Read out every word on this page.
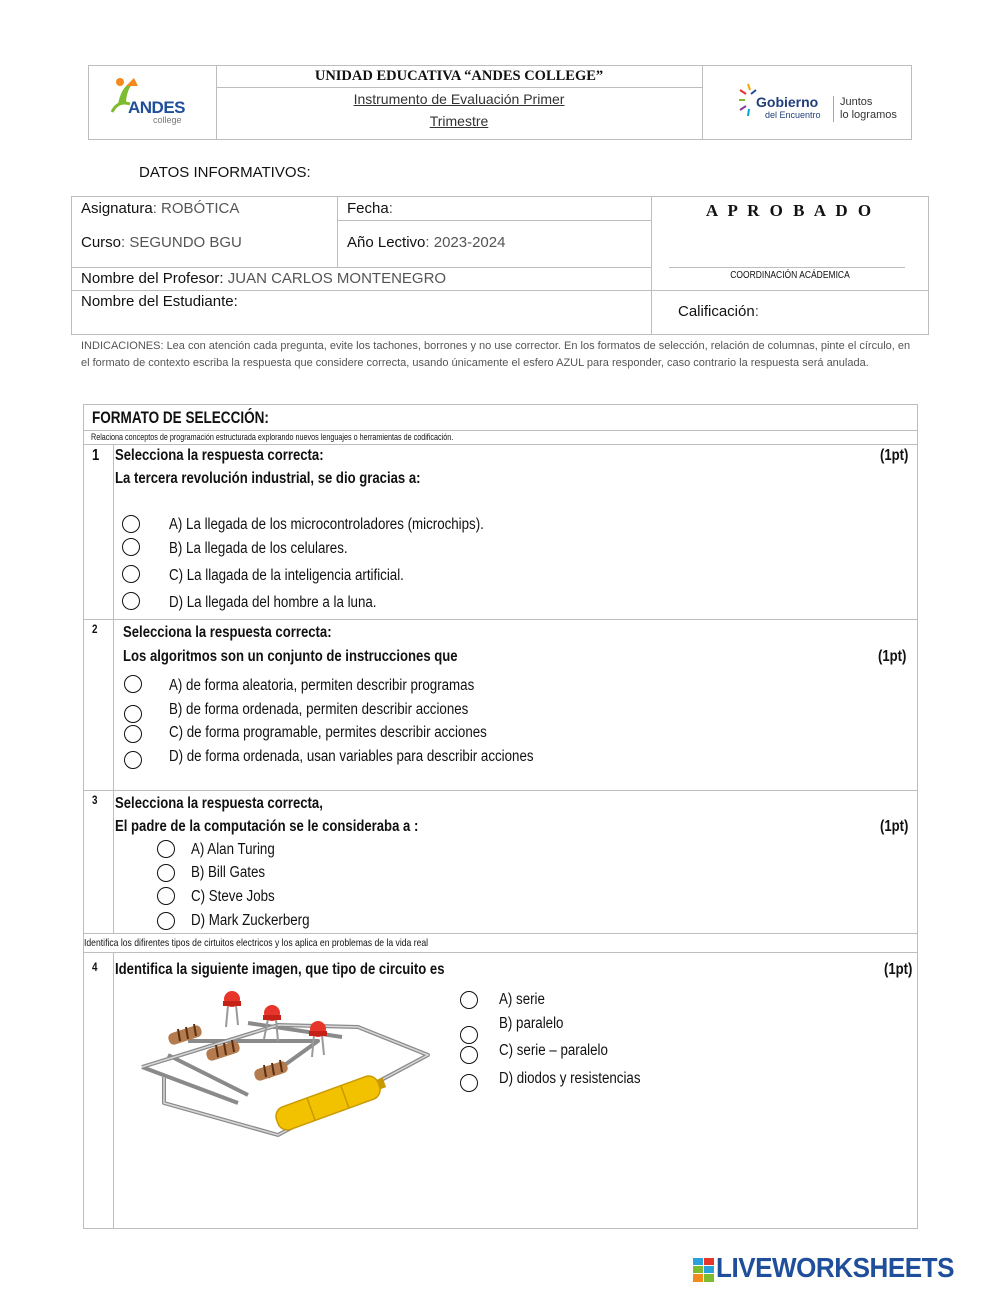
ANDES
college
UNIDAD EDUCATIVA “ANDES COLLEGE”
Instrumento de Evaluación Primer
Trimestre
Gobierno
del Encuentro
Juntos
lo logramos
DATOS INFORMATIVOS:
Asignatura: ROBÓTICA	Fecha:
Curso: SEGUNDO BGU	Año Lectivo: 2023-2024
Nombre del Profesor: JUAN CARLOS MONTENEGRO
Nombre del Estudiante:
A P R O B A D O
COORDINACIÓN ACÁDEMICA
Calificación:
INDICACIONES: Lea con atención cada pregunta, evite los tachones, borrones y no use corrector. En los formatos de selección, relación de columnas, pinte el círculo, en el formato de contexto escriba la respuesta que considere correcta, usando únicamente el esfero AZUL para responder, caso contrario la respuesta será anulada.
FORMATO DE SELECCIÓN:
Relaciona conceptos de programación estructurada explorando nuevos lenguajes o herramientas de codificación.
Identifica los difirentes tipos de cirtuitos electricos y los aplica en problemas de la vida real
1 Selecciona la respuesta correcta:	(1pt)
La tercera revolución industrial, se dio gracias a:
A) La llegada de los microcontroladores (microchips).
B) La llegada de los celulares.
C) La llagada de la inteligencia artificial.
D) La llegada del hombre a la luna.
2 Selecciona la respuesta correcta:
Los algoritmos son un conjunto de instrucciones que	(1pt)
A) de forma aleatoria, permiten describir programas
B) de forma ordenada, permiten describir acciones
C) de forma programable, permites describir acciones
D) de forma ordenada, usan variables para describir acciones
3 Selecciona la respuesta correcta,
El padre de la computación se le consideraba a :	(1pt)
A) Alan Turing
B) Bill Gates
C) Steve Jobs
D) Mark Zuckerberg
4 Identifica la siguiente imagen, que tipo de circuito es	(1pt)
A) serie
B) paralelo
C) serie – paralelo
D) diodos y resistencias
LIVEWORKSHEETS
